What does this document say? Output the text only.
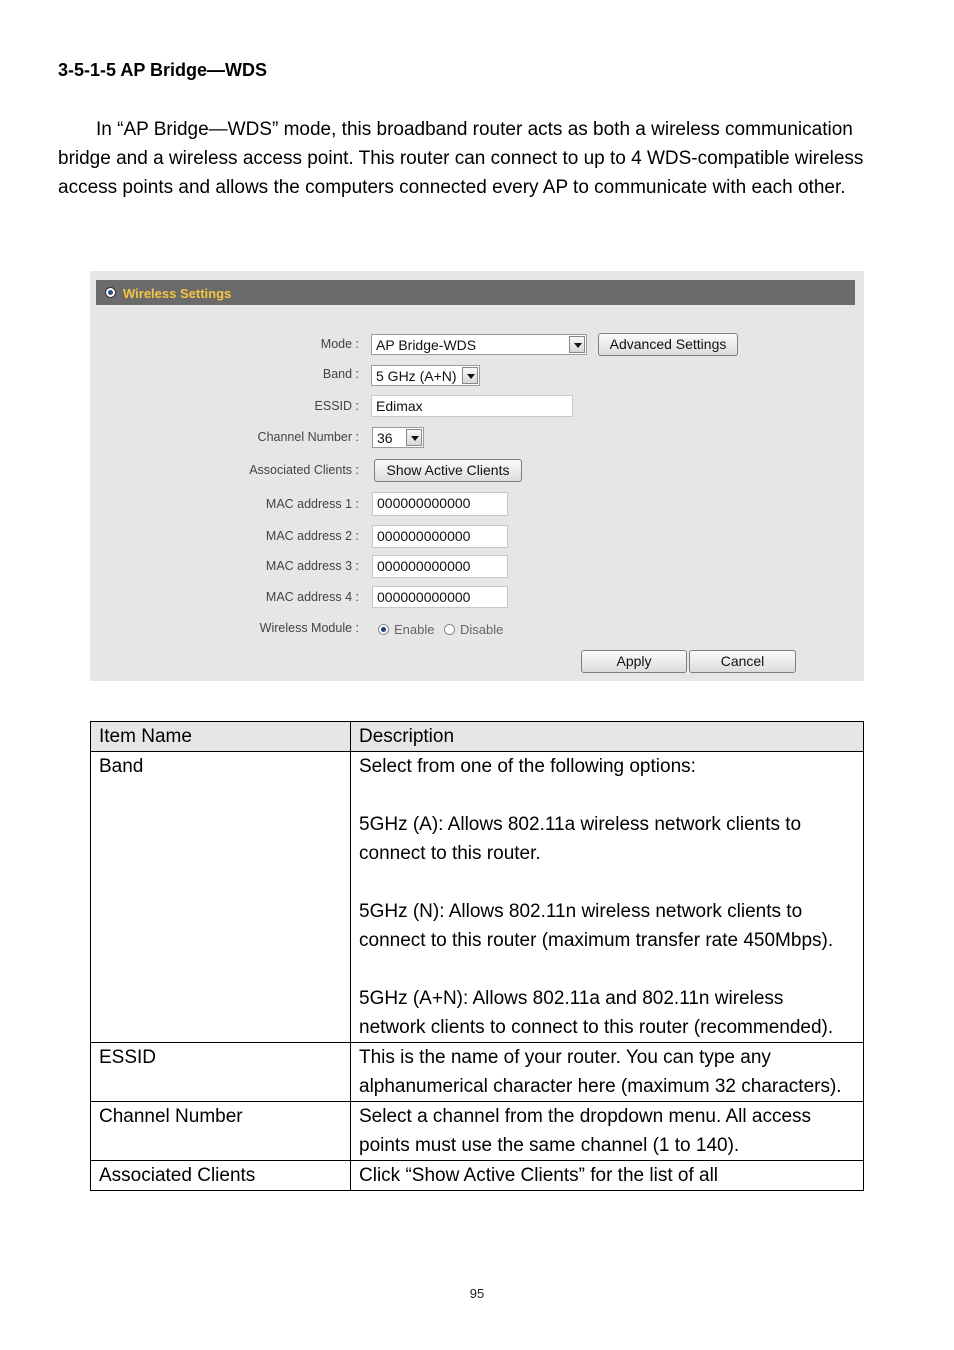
3-5-1-5 AP Bridge—WDS

In “AP Bridge—WDS” mode, this broadband router acts as both a wireless communication bridge and a wireless access point. This router can connect to up to 4 WDS-compatible wireless access points and allows the computers connected every AP to communicate with each other.

Wireless Settings
Mode :	AP Bridge-WDS	Advanced Settings
Band :	5 GHz (A+N)
ESSID :	Edimax
Channel Number :	36
Associated Clients :	Show Active Clients
MAC address 1 :	000000000000
MAC address 2 :	000000000000
MAC address 3 :	000000000000
MAC address 4 :	000000000000
Wireless Module :	Enable Disable
Apply	Cancel
Item Name	Description
Band	Select from one of the following options:
5GHz (A): Allows 802.11a wireless network clients to connect to this router.
5GHz (N): Allows 802.11n wireless network clients to connect to this router (maximum transfer rate 450Mbps).
5GHz (A+N): Allows 802.11a and 802.11n wireless network clients to connect to this router (recommended).

ESSID	This is the name of your router. You can type any alphanumerical character here (maximum 32 characters).

Channel Number	Select a channel from the dropdown menu. All access points must use the same channel (1 to 140).

Associated Clients	Click “Show Active Clients” for the list of all
95
